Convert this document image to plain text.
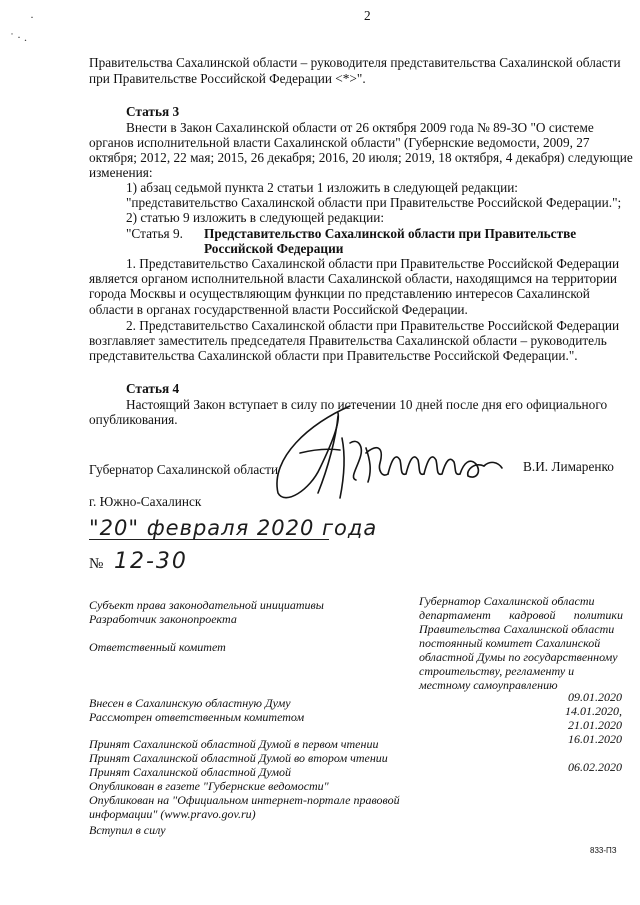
·
˙ · .
2
Правительства Сахалинской области – руководителя представительства Сахалинской области
при Правительстве Российской Федерации <*>".
Статья 3
Внести в Закон Сахалинской области от 26 октября 2009 года № 89-ЗО "О системе
органов исполнительной власти Сахалинской области" (Губернские ведомости, 2009, 27
октября; 2012, 22 мая; 2015, 26 декабря; 2016, 20 июля; 2019, 18 октября, 4 декабря) следующие
изменения:
1) абзац седьмой пункта 2 статьи 1 изложить в следующей редакции:
"представительство Сахалинской области при Правительстве Российской Федерации.";
2) статью 9 изложить в следующей редакции:
"Статья 9. Представительство Сахалинской области при Правительстве
Российской Федерации
1. Представительство Сахалинской области при Правительстве Российской Федерации
является органом исполнительной власти Сахалинской области, находящимся на территории
города Москвы и осуществляющим функции по представлению интересов Сахалинской
области в органах государственной власти Российской Федерации.
2. Представительство Сахалинской области при Правительстве Российской Федерации
возглавляет заместитель председателя Правительства Сахалинской области – руководитель
представительства Сахалинской области при Правительстве Российской Федерации.".
Статья 4
Настоящий Закон вступает в силу по истечении 10 дней после дня его официального
опубликования.
Губернатор Сахалинской области	В.И. Лимаренко
г. Южно-Сахалинск
"20" февраля 2020 года
№ 12-30
Субъект права законодательной инициативы
Разработчик законопроекта
Ответственный комитет
Внесен в Сахалинскую областную Думу
Рассмотрен ответственным комитетом
Принят Сахалинской областной Думой в первом чтении
Принят Сахалинской областной Думой во втором чтении
Принят Сахалинской областной Думой
Опубликован в газете "Губернские ведомости"
Опубликован на "Официальном интернет-портале правовой
информации" (www.pravo.gov.ru)
Вступил в силу
Губернатор Сахалинской области
департамент кадровой политики
Правительства Сахалинской области
постоянный комитет Сахалинской
областной Думы по государственному
строительству, регламенту и
местному самоуправлению
09.01.2020
14.01.2020,
21.01.2020
16.01.2020
06.02.2020
833-ПЗ
